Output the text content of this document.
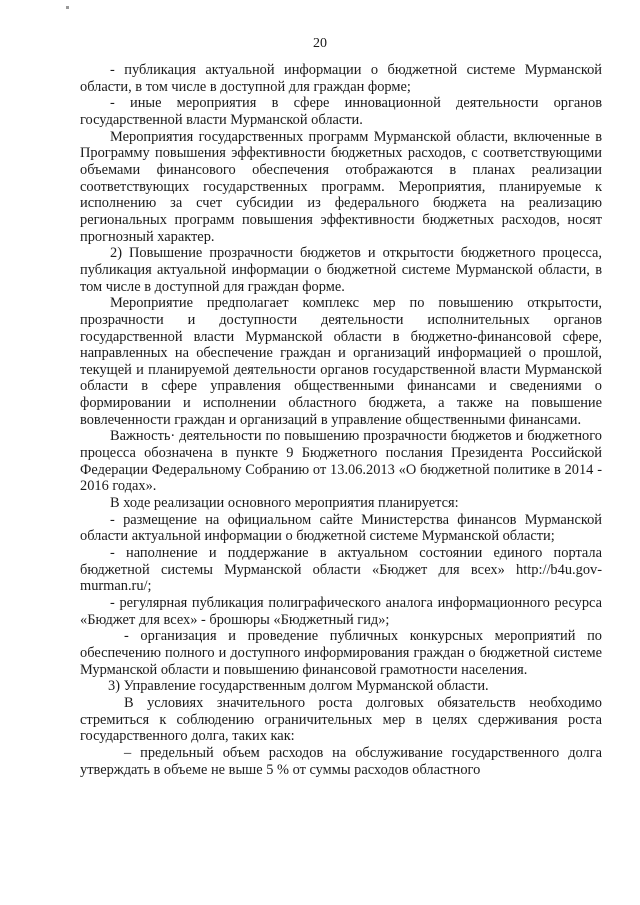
20

- публикация актуальной информации о бюджетной системе Мурманской области, в том числе в доступной для граждан форме;

- иные мероприятия в сфере инновационной деятельности органов государственной власти Мурманской области.

Мероприятия государственных программ Мурманской области, включенные в Программу повышения эффективности бюджетных расходов, с соответствующими объемами финансового обеспечения отображаются в планах реализации соответствующих государственных программ. Мероприятия, планируемые к исполнению за счет субсидии из федерального бюджета на реализацию региональных программ повышения эффективности бюджетных расходов, носят прогнозный характер.

2) Повышение прозрачности бюджетов и открытости бюджетного процесса, публикация актуальной информации о бюджетной системе Мурманской области, в том числе в доступной для граждан форме.

Мероприятие предполагает комплекс мер по повышению открытости, прозрачности и доступности деятельности исполнительных органов государственной власти Мурманской области в бюджетно-финансовой сфере, направленных на обеспечение граждан и организаций информацией о прошлой, текущей и планируемой деятельности органов государственной власти Мурманской области в сфере управления общественными финансами и сведениями о формировании и исполнении областного бюджета, а также на повышение вовлеченности граждан и организаций в управление общественными финансами.

Важность· деятельности по повышению прозрачности бюджетов и бюджетного процесса обозначена в пункте 9 Бюджетного послания Президента Российской Федерации Федеральному Собранию от 13.06.2013 «О бюджетной политике в 2014 - 2016 годах».

В ходе реализации основного мероприятия планируется:

- размещение на официальном сайте Министерства финансов Мурманской области актуальной информации о бюджетной системе Мурманской области;

- наполнение и поддержание в актуальном состоянии единого портала бюджетной системы Мурманской области «Бюджет для всех» http://b4u.gov-murman.ru/;

- регулярная публикация полиграфического аналога информационного ресурса «Бюджет для всех» - брошюры «Бюджетный гид»;

- организация и проведение публичных конкурсных мероприятий по обеспечению полного и доступного информирования граждан о бюджетной системе Мурманской области и повышению финансовой грамотности населения.

3) Управление государственным долгом Мурманской области.

В условиях значительного роста долговых обязательств необходимо стремиться к соблюдению ограничительных мер в целях сдерживания роста государственного долга, таких как:

– предельный объем расходов на обслуживание государственного долга утверждать в объеме не выше 5 % от суммы расходов областного
